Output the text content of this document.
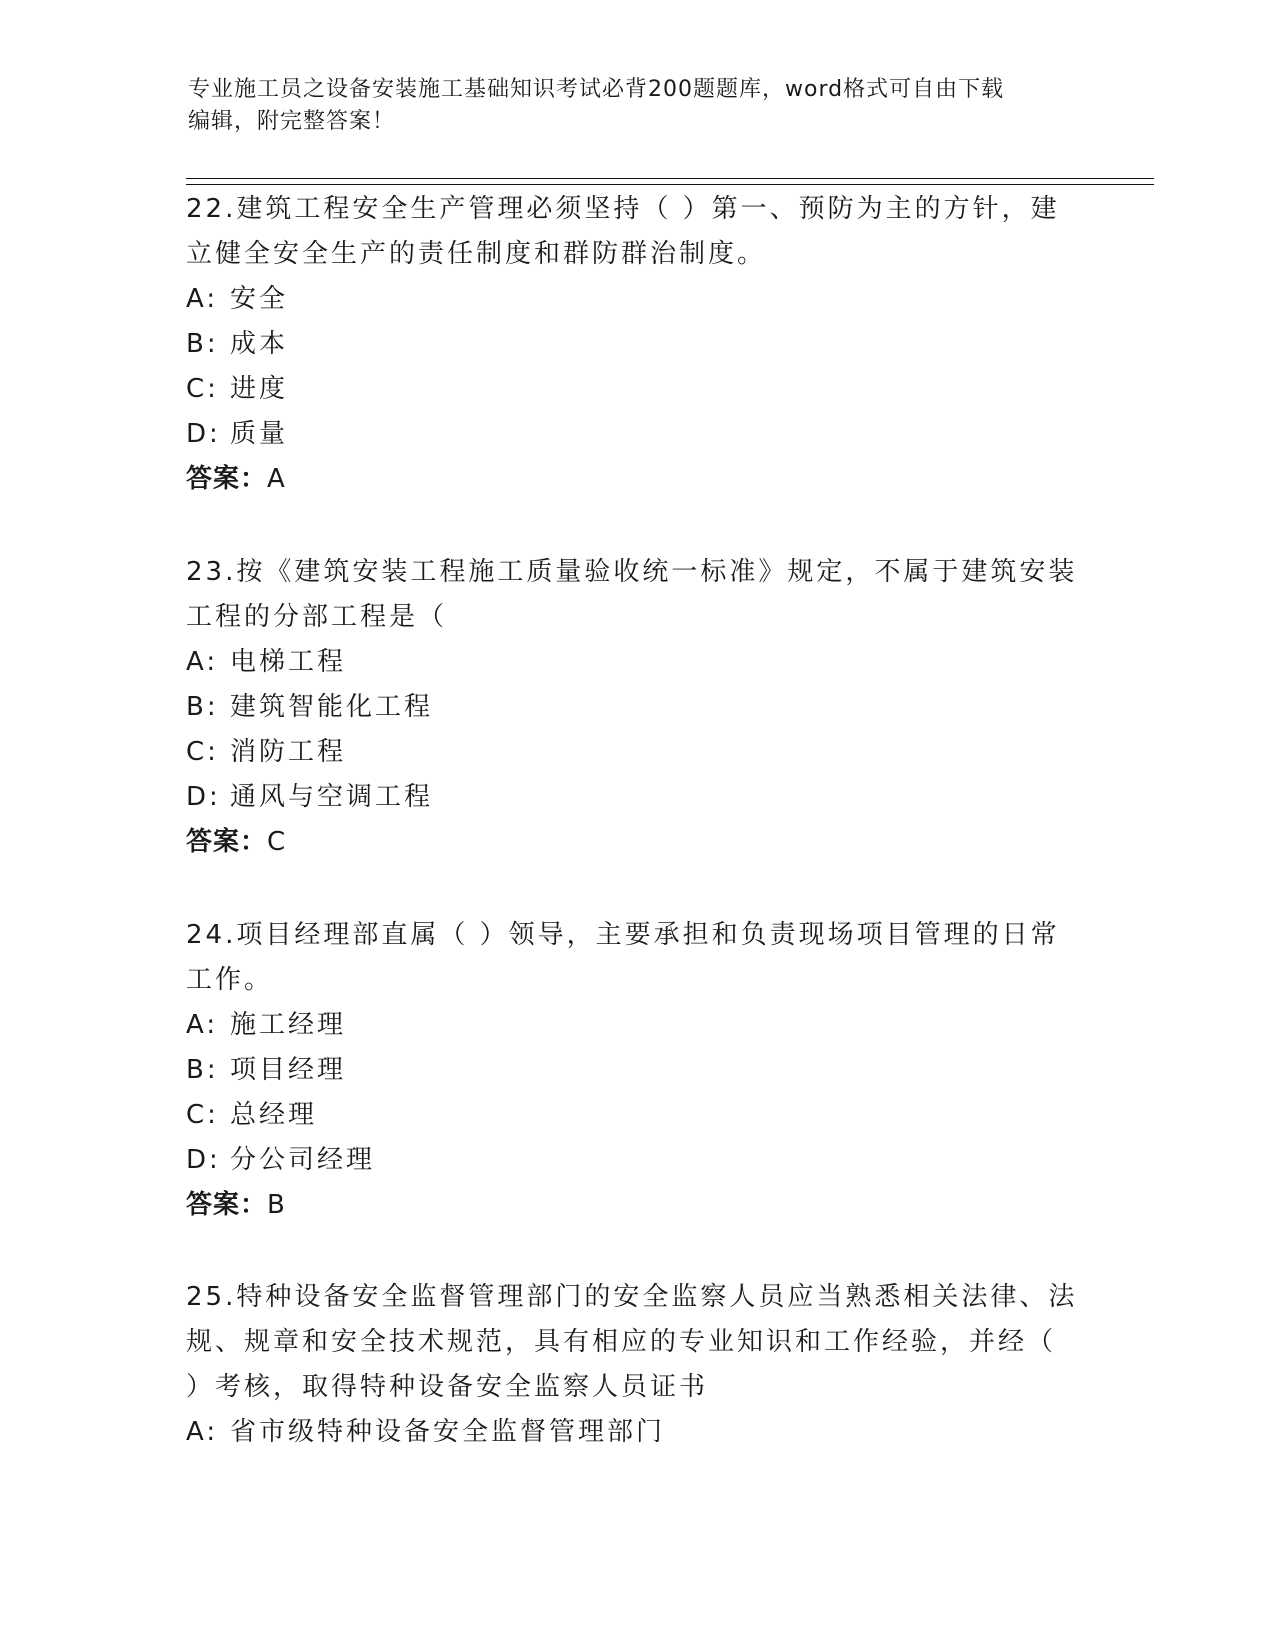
专业施工员之设备安装施工基础知识考试必背200题题库，word格式可自由下载
编辑，附完整答案！

22.建筑工程安全生产管理必须坚持（ ）第一、预防为主的方针，建

立健全安全生产的责任制度和群防群治制度。

A: 安全

B: 成本

C: 进度

D: 质量

答案：A

23.按《建筑安装工程施工质量验收统一标准》规定，不属于建筑安装

工程的分部工程是（

A: 电梯工程

B: 建筑智能化工程

C: 消防工程

D: 通风与空调工程

答案：C

24.项目经理部直属（ ）领导，主要承担和负责现场项目管理的日常

工作。

A: 施工经理

B: 项目经理

C: 总经理

D: 分公司经理

答案：B

25.特种设备安全监督管理部门的安全监察人员应当熟悉相关法律、法

规、规章和安全技术规范，具有相应的专业知识和工作经验，并经（

）考核，取得特种设备安全监察人员证书

A: 省市级特种设备安全监督管理部门
